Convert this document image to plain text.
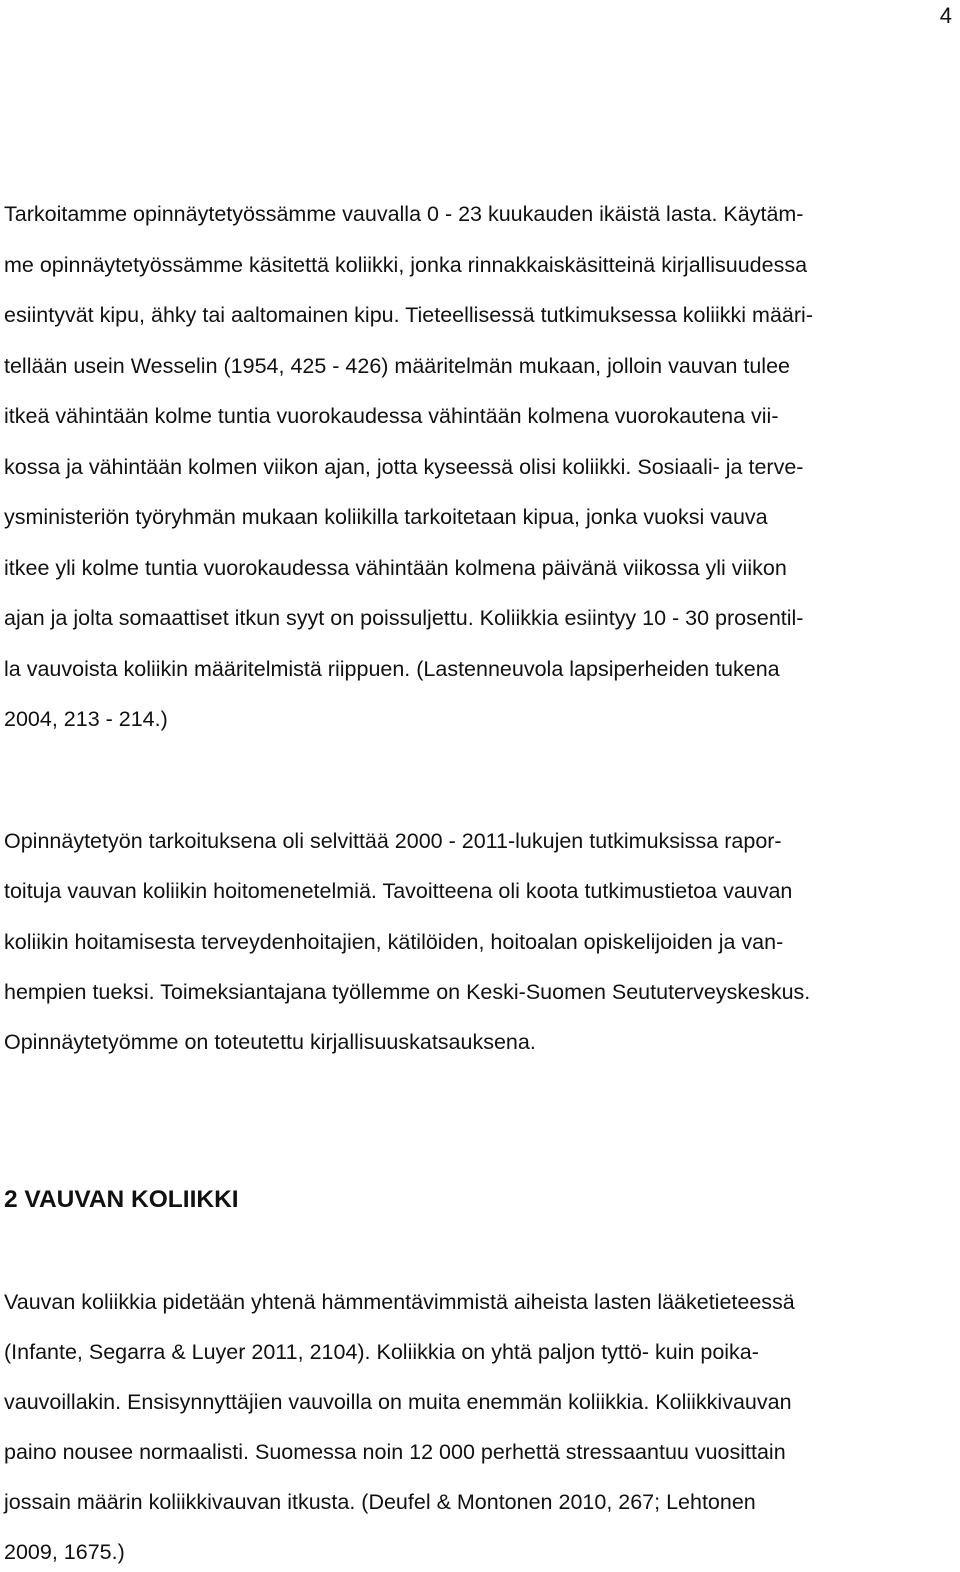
4

Tarkoitamme opinnäytetyössämme vauvalla 0 - 23 kuukauden ikäistä lasta. Käytäm-

me opinnäytetyössämme käsitettä koliikki, jonka rinnakkaiskäsitteinä kirjallisuudessa

esiintyvät kipu, ähky tai aaltomainen kipu. Tieteellisessä tutkimuksessa koliikki määri-

tellään usein Wesselin (1954, 425 - 426) määritelmän mukaan, jolloin vauvan tulee

itkeä vähintään kolme tuntia vuorokaudessa vähintään kolmena vuorokautena vii-

kossa ja vähintään kolmen viikon ajan, jotta kyseessä olisi koliikki. Sosiaali- ja terve-

ysministeriön työryhmän mukaan koliikilla tarkoitetaan kipua, jonka vuoksi vauva

itkee yli kolme tuntia vuorokaudessa vähintään kolmena päivänä viikossa yli viikon

ajan ja jolta somaattiset itkun syyt on poissuljettu. Koliikkia esiintyy 10 - 30 prosentil-

la vauvoista koliikin määritelmistä riippuen. (Lastenneuvola lapsiperheiden tukena

2004, 213 - 214.)

Opinnäytetyön tarkoituksena oli selvittää 2000 - 2011-lukujen tutkimuksissa rapor-

toituja vauvan koliikin hoitomenetelmiä. Tavoitteena oli koota tutkimustietoa vauvan

koliikin hoitamisesta terveydenhoitajien, kätilöiden, hoitoalan opiskelijoiden ja van-

hempien tueksi. Toimeksiantajana työllemme on Keski-Suomen Seututerveyskeskus.

Opinnäytetyömme on toteutettu kirjallisuuskatsauksena.

2 VAUVAN KOLIIKKI

Vauvan koliikkia pidetään yhtenä hämmentävimmistä aiheista lasten lääketieteessä

(Infante, Segarra & Luyer 2011, 2104). Koliikkia on yhtä paljon tyttö- kuin poika-

vauvoillakin. Ensisynnyttäjien vauvoilla on muita enemmän koliikkia. Koliikkivauvan

paino nousee normaalisti. Suomessa noin 12 000 perhettä stressaantuu vuosittain

jossain määrin koliikkivauvan itkusta. (Deufel & Montonen 2010, 267; Lehtonen

2009, 1675.)
